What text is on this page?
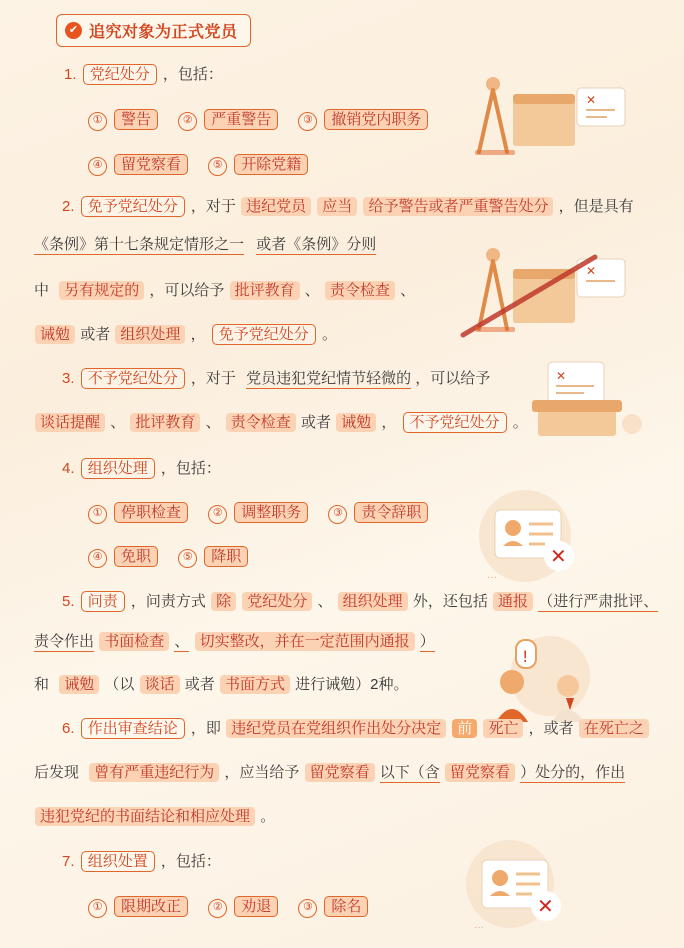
✔ 追究对象为正式党员
✕
✕
✕
✕
···
!
✕
···
1. 党纪处分 ，包括：
① 警告	② 严重警告	③ 撤销党内职务
④ 留党察看	⑤ 开除党籍
2. 免予党纪处分 ，对于 违纪党员 应当 给予警告或者严重警告处分 ，但是具有
《条例》第十七条规定情形之一 或者《条例》分则
中 另有规定的 ，可以给予 批评教育 、 责令检查 、
诫勉 或者 组织处理 ， 免予党纪处分 。
3. 不予党纪处分 ，对于 党员违犯党纪情节轻微的 ，可以给予
谈话提醒 、 批评教育 、 责令检查 或者 诫勉 ， 不予党纪处分 。
4. 组织处理 ，包括：
① 停职检查	② 调整职务	③ 责令辞职
④ 免职	⑤ 降职
5. 问责 ，问责方式 除 党纪处分 、 组织处理 外，还包括 通报 （进行严肃批评、
责令作出 书面检查 、 切实整改，并在一定范围内通报 ）
和 诫勉 （以 谈话 或者 书面方式 进行诫勉）2种。
6. 作出审查结论 ，即 违纪党员在党组织作出处分决定 前 死亡 ，或者 在死亡之
后发现 曾有严重违纪行为 ，应当给予 留党察看 以下（含 留党察看 ）处分的，作出
违犯党纪的书面结论和相应处理 。
7. 组织处置 ，包括：
① 限期改正	② 劝退	③ 除名
